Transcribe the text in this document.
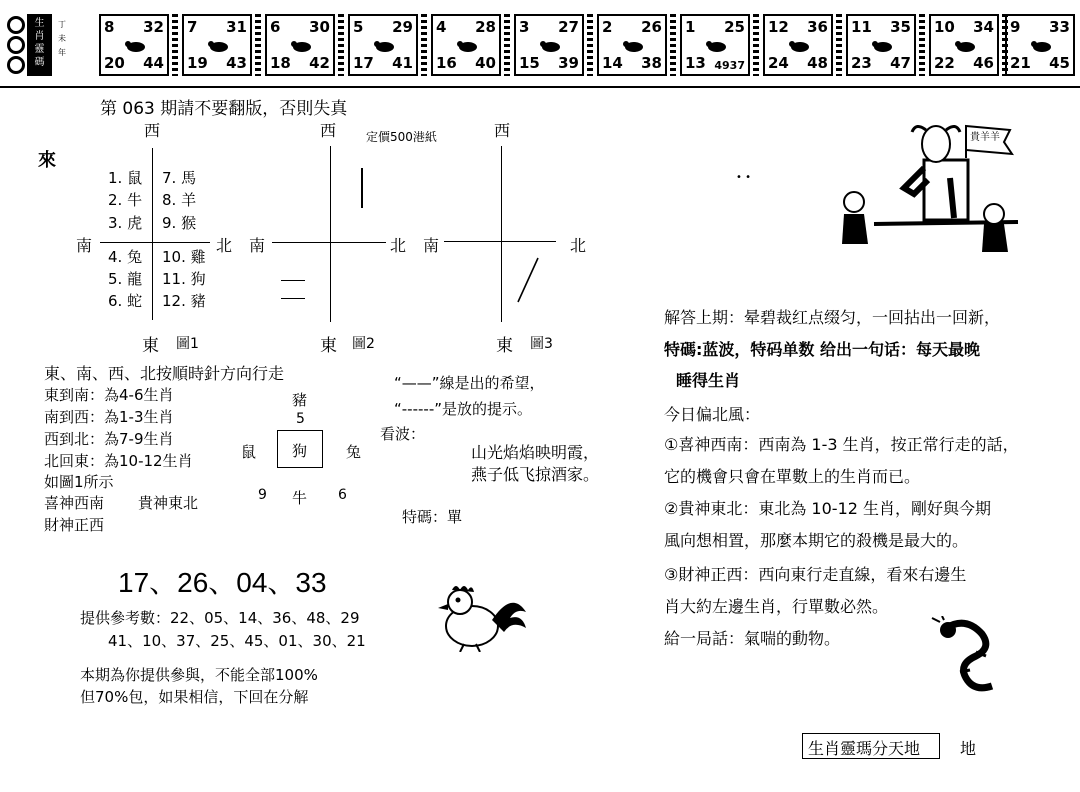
生
肖
靈
碼
丁
未
年
8 32
20 44
7 31
19 43
6 30
18 42
5 29
17 41
4 28
16 40
3 27
15 39
2 26
14 38
1 25
13 4937
12 36
24 48
11 35
23 47
10 34
22 46
9 33
21 45
第 063 期請不要翻版，否則失真
定價500港紙
來
西
南	北
東 圖1
1. 鼠
2. 牛
3. 虎
4. 兔
5. 龍
6. 蛇
7. 馬
8. 羊
9. 猴
10. 雞
11. 狗
12. 豬
西
南	北
東 圖2
西
南	北
東 圖3
東、南、西、北按順時針方向行走
東到南：為4-6生肖
南到西：為1-3生肖
西到北：為7-9生肖
北回東：為10-12生肖
如圖1所示
喜神西南
財神正西
貴神東北
豬
5
鼠 狗	兔
9 牛 6
“——”線是出的希望，
“------”是放的提示。
看波：
山光焰焰映明霞，
燕子低飞掠酒家。
特碼：單
17、26、04、33
提供參考數：22、05、14、36、48、29
41、10、37、25、45、01、30、21
本期為你提供參與，不能全部100%
但70%包，如果相信，下回在分解
貴羊羊
• •
解答上期：晕碧裁红点缀匀，一回拈出一回新，
特碼:蓝波，特码单数 给出一句话：每天最晚
睡得生肖
今日偏北風：
①喜神西南：西南為 1-3 生肖，按正常行走的話，
它的機會只會在單數上的生肖而已。
②貴神東北：東北為 10-12 生肖，剛好與今期
風向想相置，那麼本期它的殺機是最大的。
③財神正西：西向東行走直線，看來右邊生
肖大約左邊生肖，行單數必然。
給一局話：氣喘的動物。
生肖靈瑪分天地 地
